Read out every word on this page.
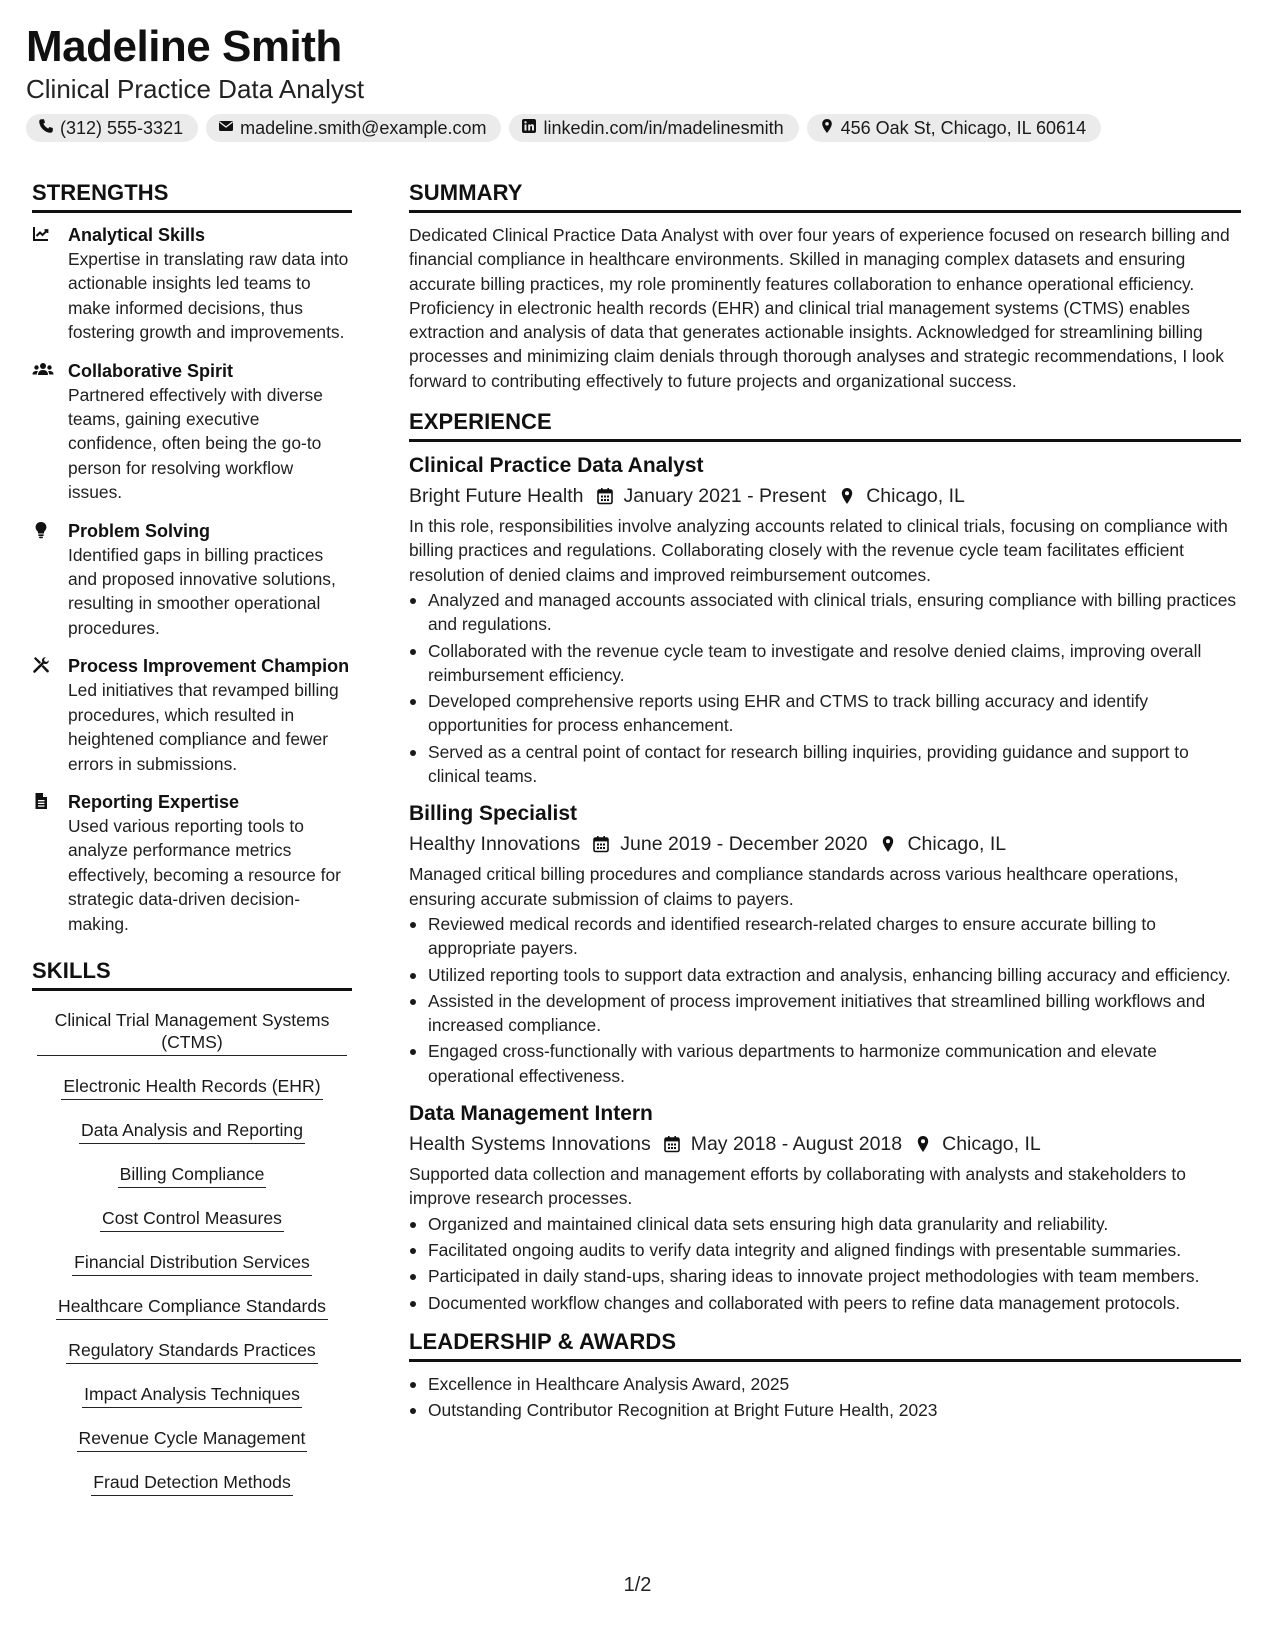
Madeline Smith
Clinical Practice Data Analyst
(312) 555-3321	madeline.smith@example.com	linkedin.com/in/madelinesmith	456 Oak St, Chicago, IL 60614
STRENGTHS
Analytical Skills
Expertise in translating raw data into actionable insights led teams to make informed decisions, thus fostering growth and improvements.
Collaborative Spirit
Partnered effectively with diverse teams, gaining executive confidence, often being the go-to person for resolving workflow issues.
Problem Solving
Identified gaps in billing practices and proposed innovative solutions, resulting in smoother operational procedures.
Process Improvement Champion
Led initiatives that revamped billing procedures, which resulted in heightened compliance and fewer errors in submissions.
Reporting Expertise
Used various reporting tools to analyze performance metrics effectively, becoming a resource for strategic data-driven decision-making.
SKILLS
Clinical Trial Management Systems (CTMS)
Electronic Health Records (EHR)
Data Analysis and Reporting
Billing Compliance
Cost Control Measures
Financial Distribution Services
Healthcare Compliance Standards
Regulatory Standards Practices
Impact Analysis Techniques
Revenue Cycle Management
Fraud Detection Methods
SUMMARY

Dedicated Clinical Practice Data Analyst with over four years of experience focused on research billing and financial compliance in healthcare environments. Skilled in managing complex datasets and ensuring accurate billing practices, my role prominently features collaboration to enhance operational efficiency. Proficiency in electronic health records (EHR) and clinical trial management systems (CTMS) enables extraction and analysis of data that generates actionable insights. Acknowledged for streamlining billing processes and minimizing claim denials through thorough analyses and strategic recommendations, I look forward to contributing effectively to future projects and organizational success.

EXPERIENCE
Clinical Practice Data Analyst
Bright Future Health January 2021 - Present Chicago, IL
In this role, responsibilities involve analyzing accounts related to clinical trials, focusing on compliance with billing practices and regulations. Collaborating closely with the revenue cycle team facilitates efficient resolution of denied claims and improved reimbursement outcomes.
Analyzed and managed accounts associated with clinical trials, ensuring compliance with billing practices and regulations.
Collaborated with the revenue cycle team to investigate and resolve denied claims, improving overall reimbursement efficiency.
Developed comprehensive reports using EHR and CTMS to track billing accuracy and identify opportunities for process enhancement.
Served as a central point of contact for research billing inquiries, providing guidance and support to clinical teams.
Billing Specialist
Healthy Innovations June 2019 - December 2020 Chicago, IL
Managed critical billing procedures and compliance standards across various healthcare operations, ensuring accurate submission of claims to payers.
Reviewed medical records and identified research-related charges to ensure accurate billing to appropriate payers.
Utilized reporting tools to support data extraction and analysis, enhancing billing accuracy and efficiency.
Assisted in the development of process improvement initiatives that streamlined billing workflows and increased compliance.
Engaged cross-functionally with various departments to harmonize communication and elevate operational effectiveness.
Data Management Intern
Health Systems Innovations May 2018 - August 2018 Chicago, IL
Supported data collection and management efforts by collaborating with analysts and stakeholders to improve research processes.
Organized and maintained clinical data sets ensuring high data granularity and reliability.
Facilitated ongoing audits to verify data integrity and aligned findings with presentable summaries.
Participated in daily stand-ups, sharing ideas to innovate project methodologies with team members.
Documented workflow changes and collaborated with peers to refine data management protocols.
LEADERSHIP & AWARDS
Excellence in Healthcare Analysis Award, 2025
Outstanding Contributor Recognition at Bright Future Health, 2023
1/2
